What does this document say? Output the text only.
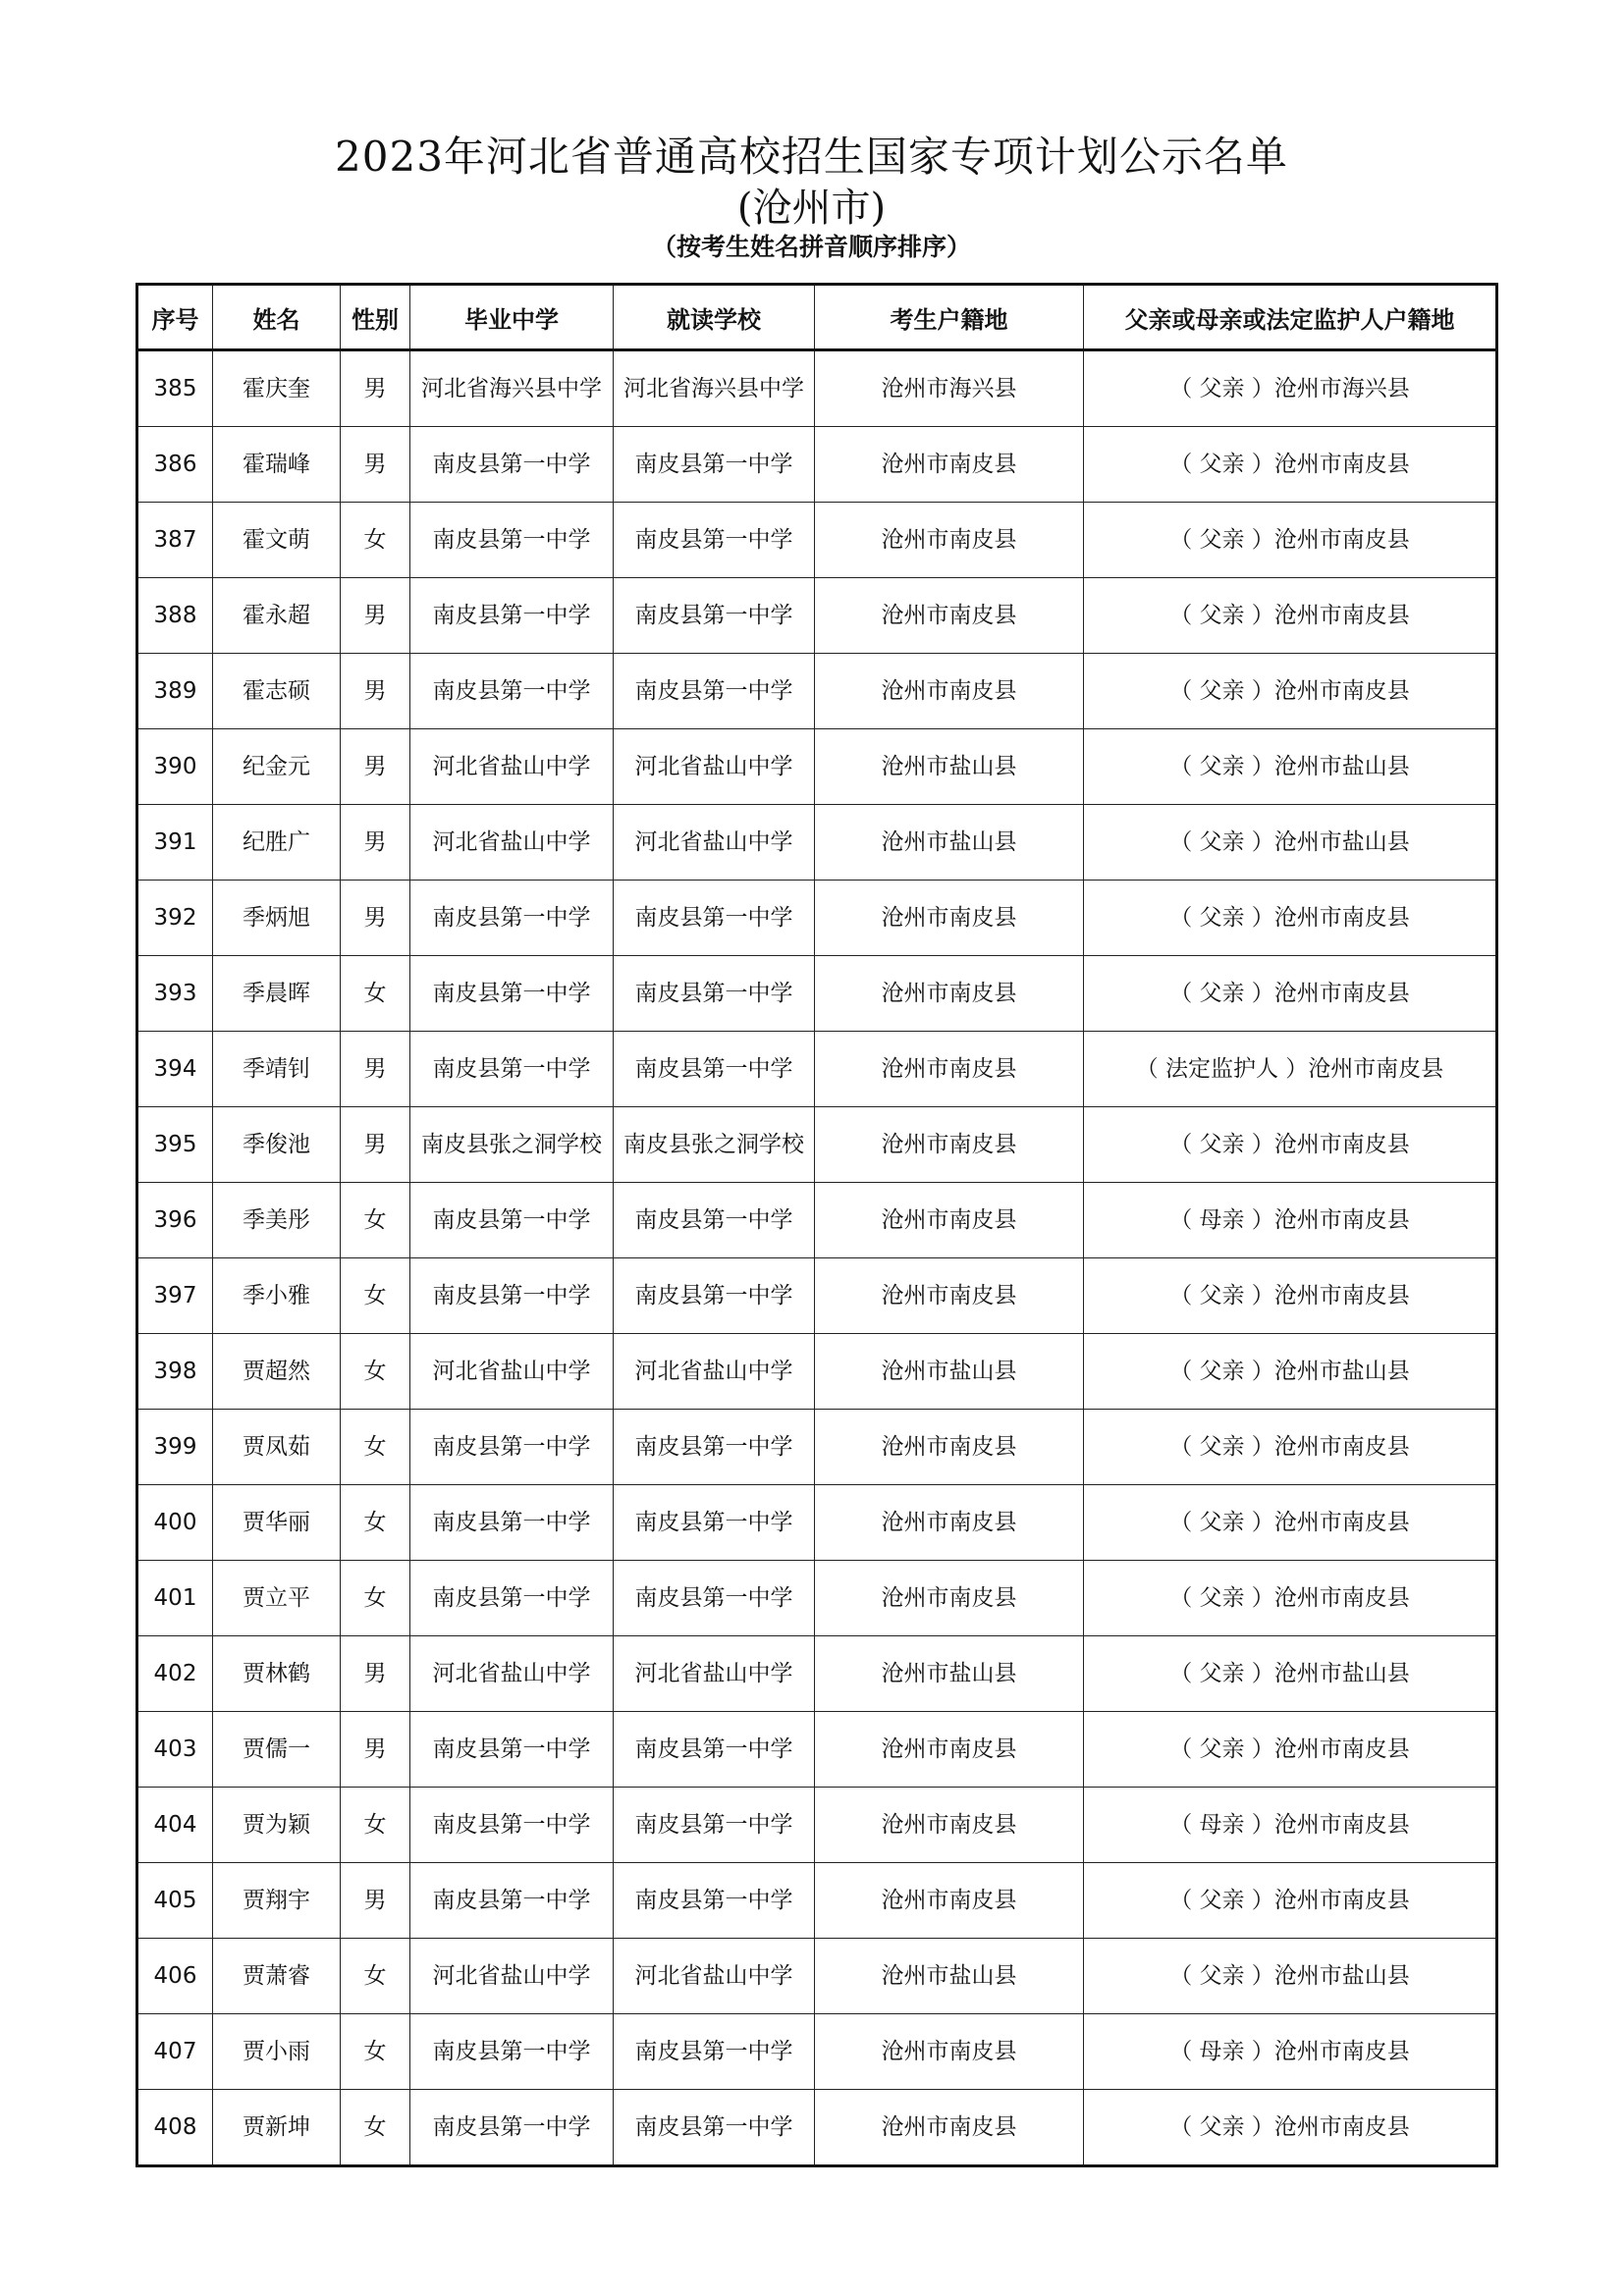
2023年河北省普通高校招生国家专项计划公示名单
(沧州市)
（按考生姓名拼音顺序排序）
序号	姓名	性别	毕业中学	就读学校	考生户籍地	父亲或母亲或法定监护人户籍地
385	霍庆奎	男	河北省海兴县中学	河北省海兴县中学	沧州市海兴县	（ 父亲 ）沧州市海兴县
386	霍瑞峰	男	南皮县第一中学	南皮县第一中学	沧州市南皮县	（ 父亲 ）沧州市南皮县
387	霍文萌	女	南皮县第一中学	南皮县第一中学	沧州市南皮县	（ 父亲 ）沧州市南皮县
388	霍永超	男	南皮县第一中学	南皮县第一中学	沧州市南皮县	（ 父亲 ）沧州市南皮县
389	霍志硕	男	南皮县第一中学	南皮县第一中学	沧州市南皮县	（ 父亲 ）沧州市南皮县
390	纪金元	男	河北省盐山中学	河北省盐山中学	沧州市盐山县	（ 父亲 ）沧州市盐山县
391	纪胜广	男	河北省盐山中学	河北省盐山中学	沧州市盐山县	（ 父亲 ）沧州市盐山县
392	季炳旭	男	南皮县第一中学	南皮县第一中学	沧州市南皮县	（ 父亲 ）沧州市南皮县
393	季晨晖	女	南皮县第一中学	南皮县第一中学	沧州市南皮县	（ 父亲 ）沧州市南皮县
394	季靖钊	男	南皮县第一中学	南皮县第一中学	沧州市南皮县	（ 法定监护人 ）沧州市南皮县
395	季俊池	男	南皮县张之洞学校	南皮县张之洞学校	沧州市南皮县	（ 父亲 ）沧州市南皮县
396	季美彤	女	南皮县第一中学	南皮县第一中学	沧州市南皮县	（ 母亲 ）沧州市南皮县
397	季小雅	女	南皮县第一中学	南皮县第一中学	沧州市南皮县	（ 父亲 ）沧州市南皮县
398	贾超然	女	河北省盐山中学	河北省盐山中学	沧州市盐山县	（ 父亲 ）沧州市盐山县
399	贾凤茹	女	南皮县第一中学	南皮县第一中学	沧州市南皮县	（ 父亲 ）沧州市南皮县
400	贾华丽	女	南皮县第一中学	南皮县第一中学	沧州市南皮县	（ 父亲 ）沧州市南皮县
401	贾立平	女	南皮县第一中学	南皮县第一中学	沧州市南皮县	（ 父亲 ）沧州市南皮县
402	贾林鹤	男	河北省盐山中学	河北省盐山中学	沧州市盐山县	（ 父亲 ）沧州市盐山县
403	贾儒一	男	南皮县第一中学	南皮县第一中学	沧州市南皮县	（ 父亲 ）沧州市南皮县
404	贾为颖	女	南皮县第一中学	南皮县第一中学	沧州市南皮县	（ 母亲 ）沧州市南皮县
405	贾翔宇	男	南皮县第一中学	南皮县第一中学	沧州市南皮县	（ 父亲 ）沧州市南皮县
406	贾萧睿	女	河北省盐山中学	河北省盐山中学	沧州市盐山县	（ 父亲 ）沧州市盐山县
407	贾小雨	女	南皮县第一中学	南皮县第一中学	沧州市南皮县	（ 母亲 ）沧州市南皮县
408	贾新坤	女	南皮县第一中学	南皮县第一中学	沧州市南皮县	（ 父亲 ）沧州市南皮县
